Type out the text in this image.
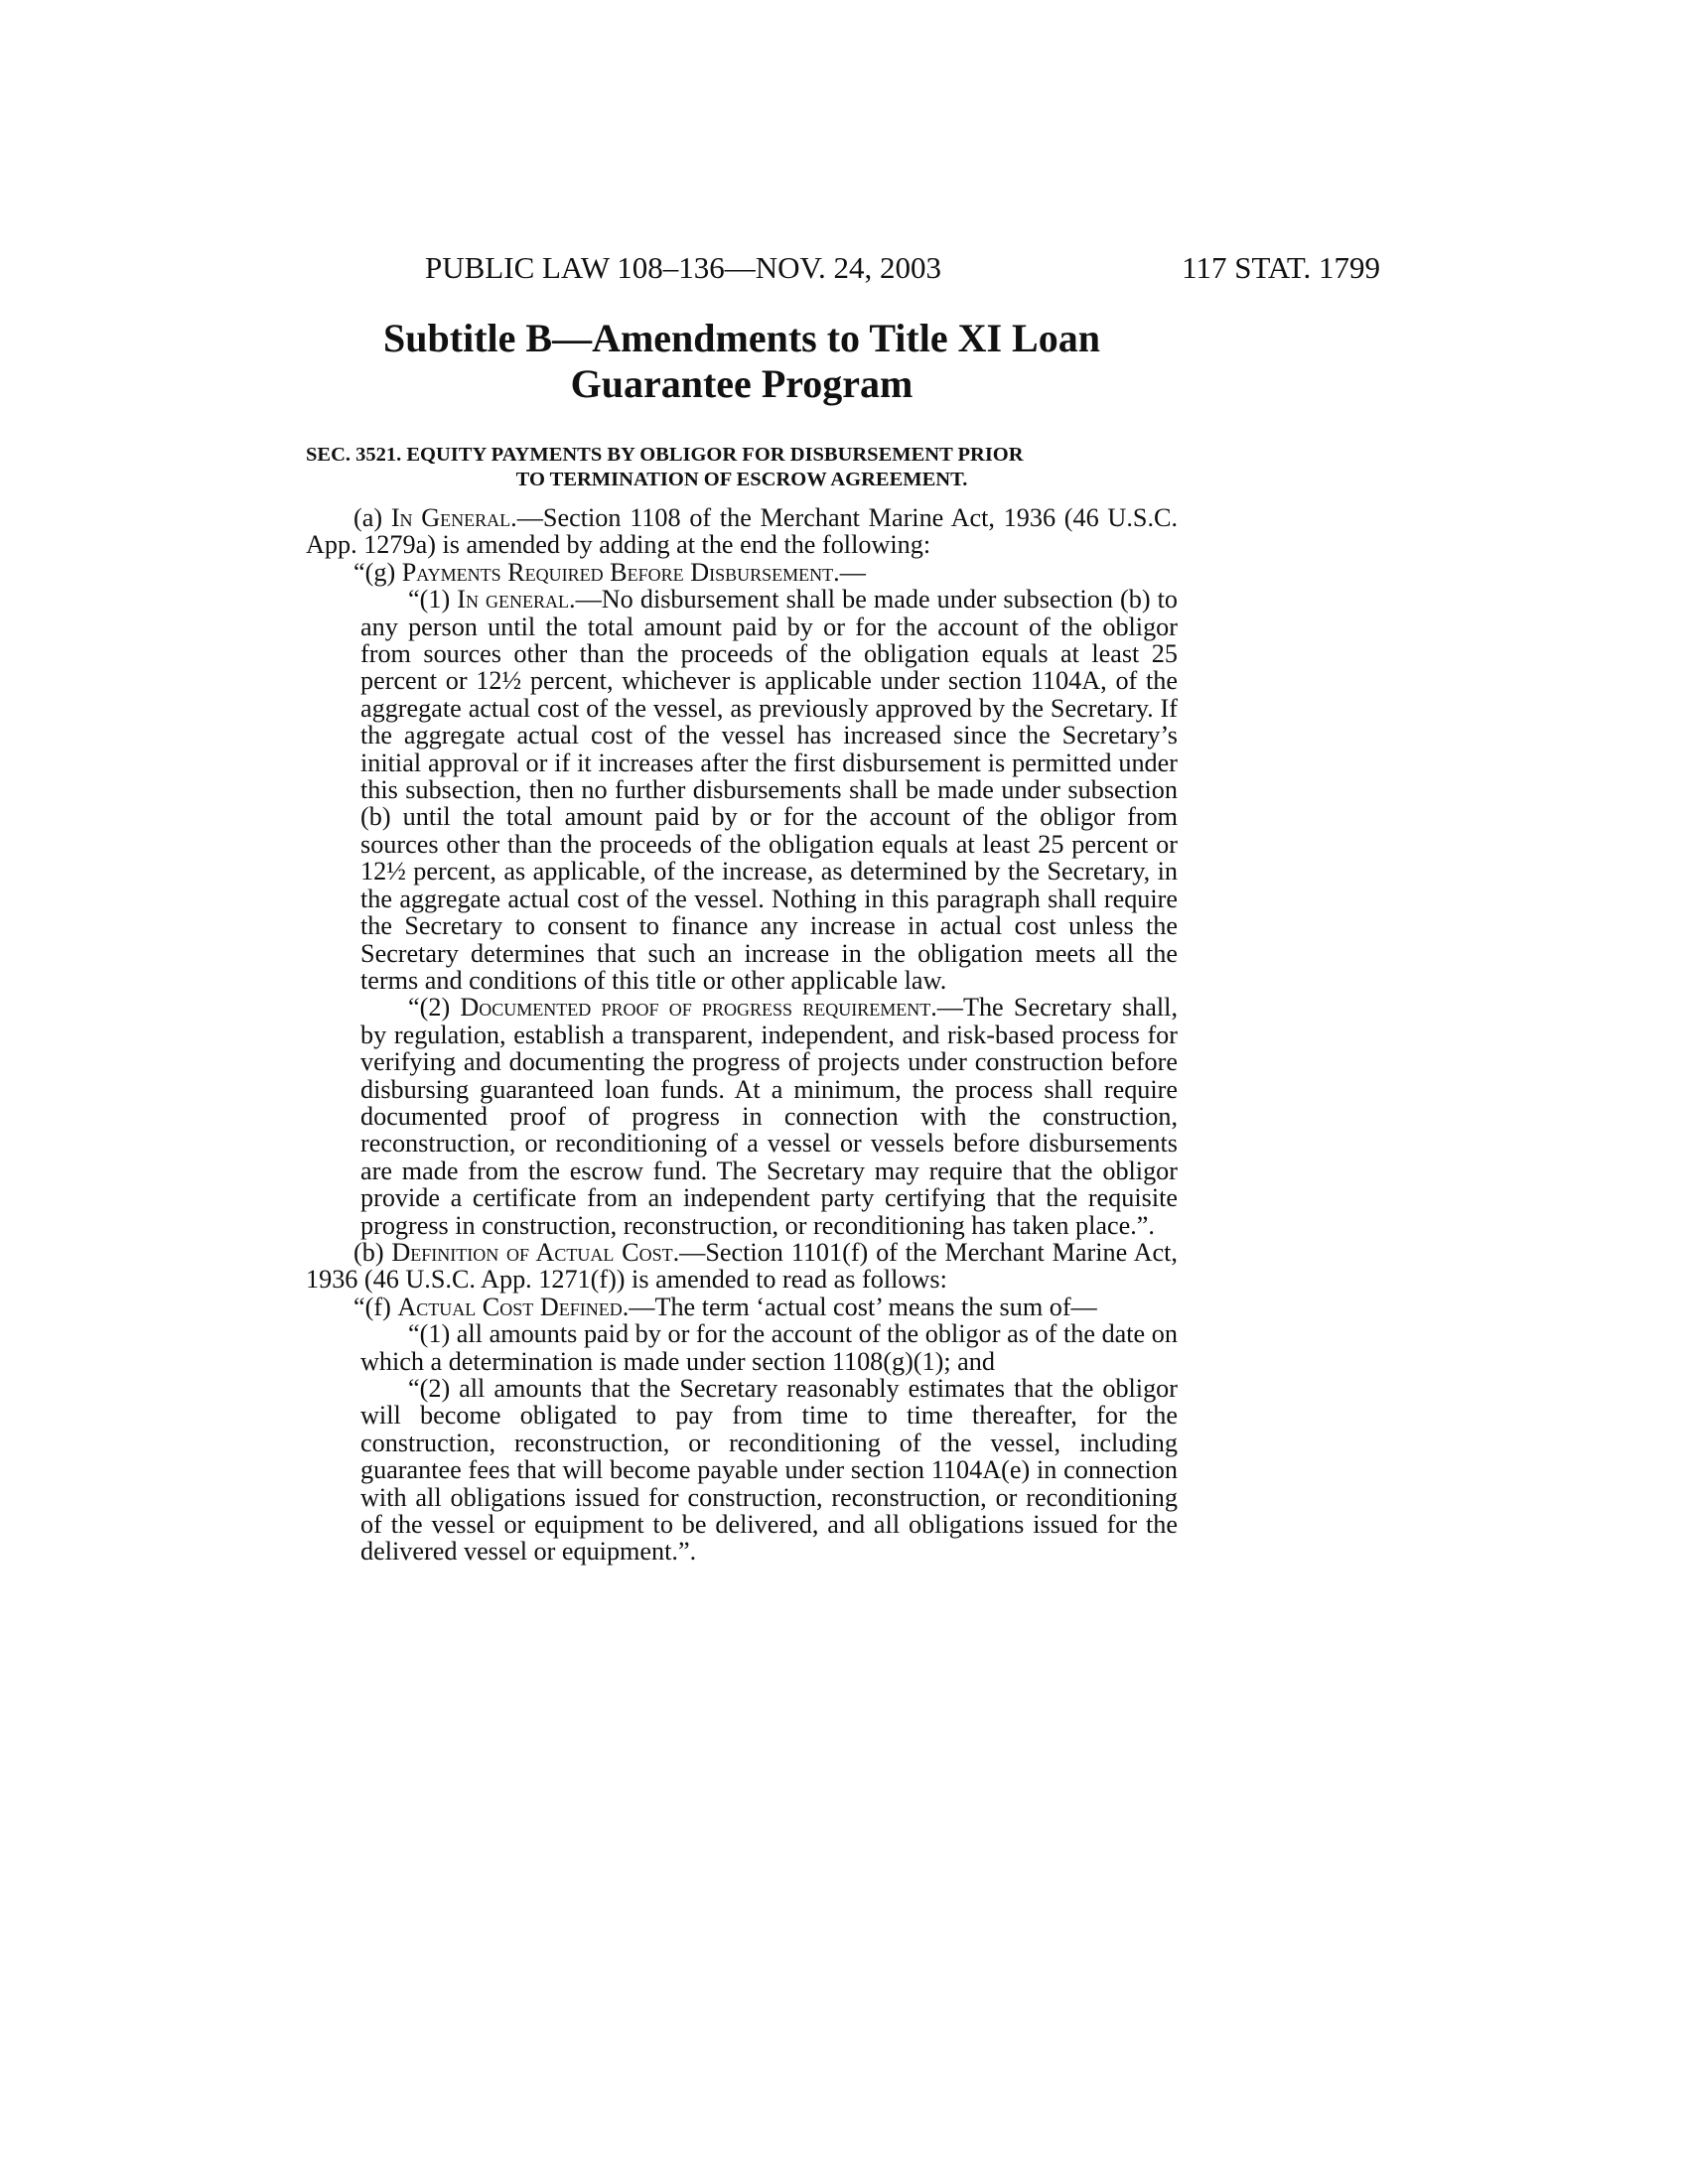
PUBLIC LAW 108–136—NOV. 24, 2003	117 STAT. 1799
Subtitle B—Amendments to Title XI Loan
Guarantee Program
SEC. 3521. EQUITY PAYMENTS BY OBLIGOR FOR DISBURSEMENT PRIOR
TO TERMINATION OF ESCROW AGREEMENT.

(a) In General.—Section 1108 of the Merchant Marine Act, 1936 (46 U.S.C. App. 1279a) is amended by adding at the end the following:

“(g) Payments Required Before Disbursement.—

“(1) In general.—No disbursement shall be made under subsection (b) to any person until the total amount paid by or for the account of the obligor from sources other than the proceeds of the obligation equals at least 25 percent or 12½ percent, whichever is applicable under section 1104A, of the aggregate actual cost of the vessel, as previously approved by the Secretary. If the aggregate actual cost of the vessel has increased since the Secretary’s initial approval or if it increases after the first disbursement is permitted under this subsection, then no further disbursements shall be made under subsection (b) until the total amount paid by or for the account of the obligor from sources other than the proceeds of the obligation equals at least 25 percent or 12½ percent, as applicable, of the increase, as determined by the Secretary, in the aggregate actual cost of the vessel. Nothing in this paragraph shall require the Secretary to consent to finance any increase in actual cost unless the Secretary determines that such an increase in the obligation meets all the terms and conditions of this title or other applicable law.

“(2) Documented proof of progress requirement.—The Secretary shall, by regulation, establish a transparent, independent, and risk-based process for verifying and documenting the progress of projects under construction before disbursing guaranteed loan funds. At a minimum, the process shall require documented proof of progress in connection with the construction, reconstruction, or reconditioning of a vessel or vessels before disbursements are made from the escrow fund. The Secretary may require that the obligor provide a certificate from an independent party certifying that the requisite progress in construction, reconstruction, or reconditioning has taken place.”.

(b) Definition of Actual Cost.—Section 1101(f) of the Merchant Marine Act, 1936 (46 U.S.C. App. 1271(f)) is amended to read as follows:

“(f) Actual Cost Defined.—The term ‘actual cost’ means the sum of—

“(1) all amounts paid by or for the account of the obligor as of the date on which a determination is made under section 1108(g)(1); and

“(2) all amounts that the Secretary reasonably estimates that the obligor will become obligated to pay from time to time thereafter, for the construction, reconstruction, or reconditioning of the vessel, including guarantee fees that will become payable under section 1104A(e) in connection with all obligations issued for construction, reconstruction, or reconditioning of the vessel or equipment to be delivered, and all obligations issued for the delivered vessel or equipment.”.
